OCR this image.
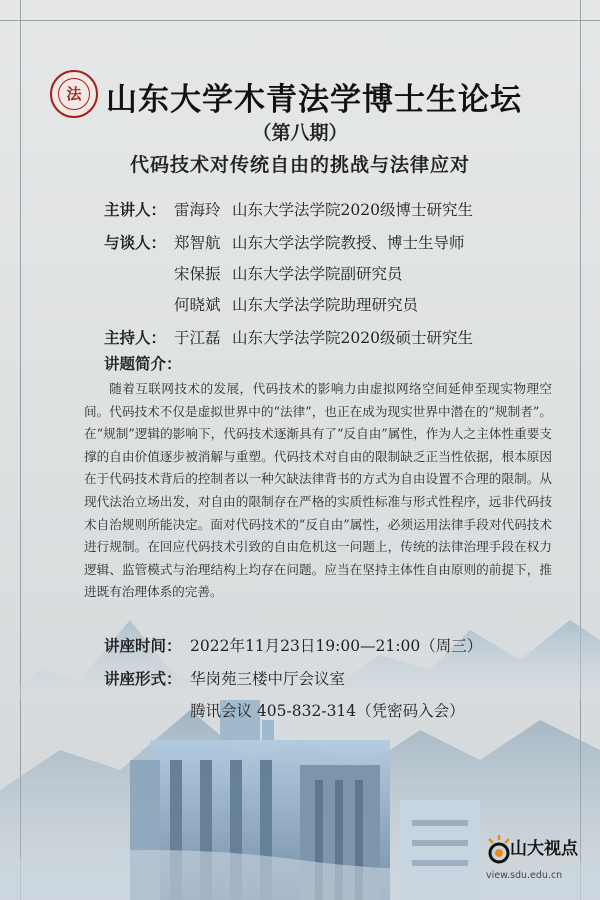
法 山东大学木青法学博士生论坛
（第八期）
代码技术对传统自由的挑战与法律应对
主讲人： 雷海玲 山东大学法学院2020级博士研究生
与谈人： 郑智航 山东大学法学院教授、博士生导师
宋保振 山东大学法学院副研究员
何晓斌 山东大学法学院助理研究员
主持人： 于江磊 山东大学法学院2020级硕士研究生
讲题简介：
随着互联网技术的发展，代码技术的影响力由虚拟网络空间延伸至现实物理空间。代码技术不仅是虚拟世界中的“法律”，也正在成为现实世界中潜在的“规制者”。在“规制”逻辑的影响下，代码技术逐渐具有了“反自由”属性，作为人之主体性重要支撑的自由价值逐步被消解与重塑。代码技术对自由的限制缺乏正当性依据，根本原因在于代码技术背后的控制者以一种欠缺法律背书的方式为自由设置不合理的限制。从现代法治立场出发，对自由的限制存在严格的实质性标准与形式性程序，远非代码技术自治规则所能决定。面对代码技术的“反自由”属性，必须运用法律手段对代码技术进行规制。在回应代码技术引致的自由危机这一问题上，传统的法律治理手段在权力逻辑、监管模式与治理结构上均存在问题。应当在坚持主体性自由原则的前提下，推进既有治理体系的完善。
讲座时间： 2022年11月23日19:00—21:00（周三）
讲座形式： 华岗苑三楼中厅会议室
腾讯会议 405-832-314（凭密码入会）
山大视点
view.sdu.edu.cn
